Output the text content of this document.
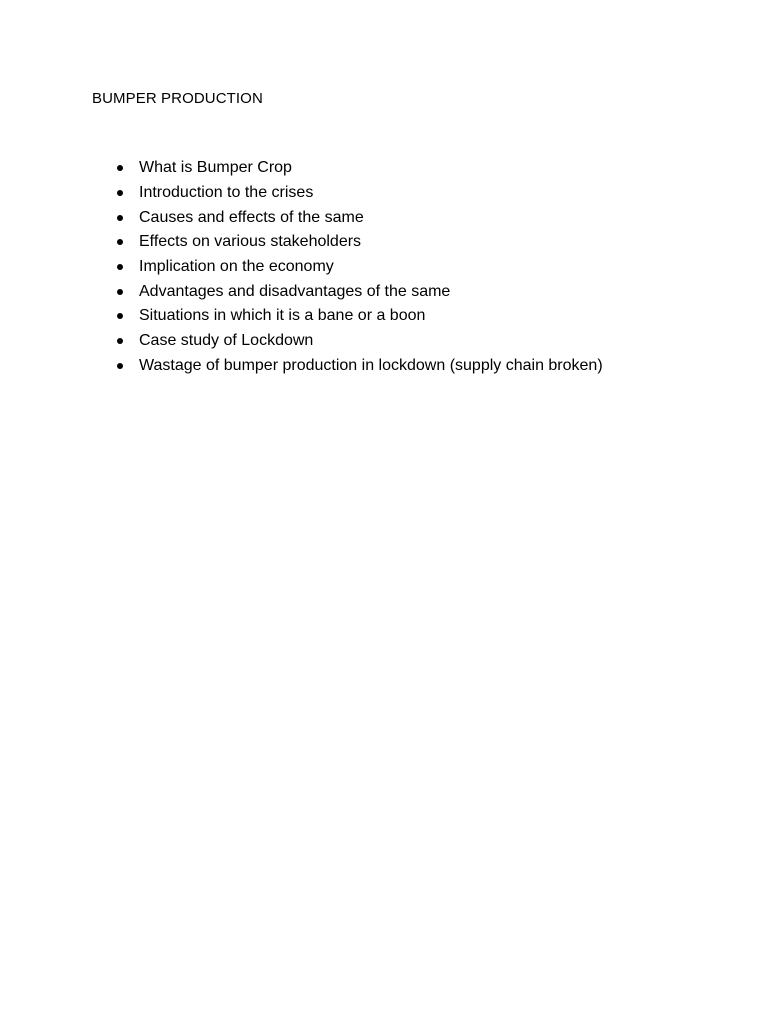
BUMPER PRODUCTION
What is Bumper Crop
Introduction to the crises
Causes and effects of the same
Effects on various stakeholders
Implication on the economy
Advantages and disadvantages of the same
Situations in which it is a bane or a boon
Case study of Lockdown
Wastage of bumper production in lockdown (supply chain broken)
